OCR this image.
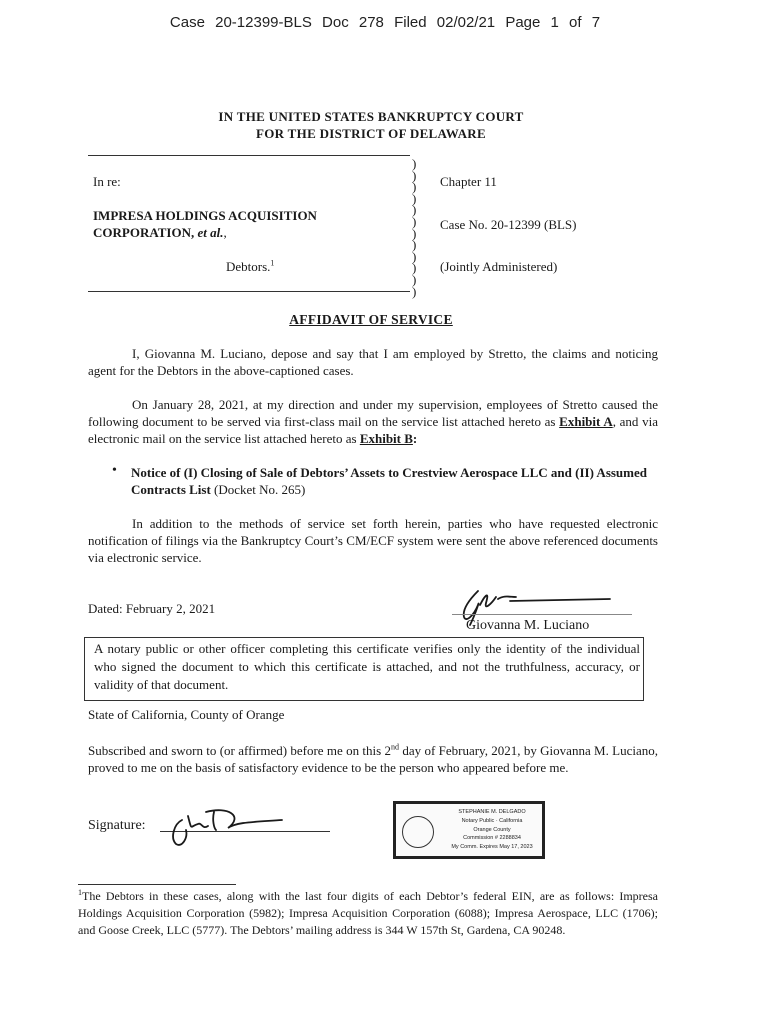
Case 20-12399-BLS Doc 278 Filed 02/02/21 Page 1 of 7
IN THE UNITED STATES BANKRUPTCY COURT
FOR THE DISTRICT OF DELAWARE
In re:
IMPRESA HOLDINGS ACQUISITION
CORPORATION, et al.,
Debtors.$^1$
)
)
)
)
)
)
)
)
)
)
)
)
Chapter 11
Case No. 20-12399 (BLS)
(Jointly Administered)
AFFIDAVIT OF SERVICE
I, Giovanna M. Luciano, depose and say that I am employed by Stretto, the claims and noticing agent for the Debtors in the above-captioned cases.
On January 28, 2021, at my direction and under my supervision, employees of Stretto caused the following document to be served via first-class mail on the service list attached hereto as Exhibit A, and via electronic mail on the service list attached hereto as Exhibit B:
• Notice of (I) Closing of Sale of Debtors’ Assets to Crestview Aerospace LLC and (II) Assumed Contracts List (Docket No. 265)
In addition to the methods of service set forth herein, parties who have requested electronic notification of filings via the Bankruptcy Court’s CM/ECF system were sent the above referenced documents via electronic service.
Dated: February 2, 2021
Giovanna M. Luciano
A notary public or other officer completing this certificate verifies only the identity of the individual who signed the document to which this certificate is attached, and not the truthfulness, accuracy, or validity of that document.
State of California, County of Orange
Subscribed and sworn to (or affirmed) before me on this 2nd day of February, 2021, by Giovanna M. Luciano, proved to me on the basis of satisfactory evidence to be the person who appeared before me.
Signature:
STEPHANIE M. DELGADO
Notary Public · California
Orange County
Commission # 2288834
My Comm. Expires May 17, 2023
$^1$The Debtors in these cases, along with the last four digits of each Debtor’s federal EIN, are as follows: Impresa Holdings Acquisition Corporation (5982); Impresa Acquisition Corporation (6088); Impresa Aerospace, LLC (1706); and Goose Creek, LLC (5777). The Debtors’ mailing address is 344 W 157th St, Gardena, CA 90248.
